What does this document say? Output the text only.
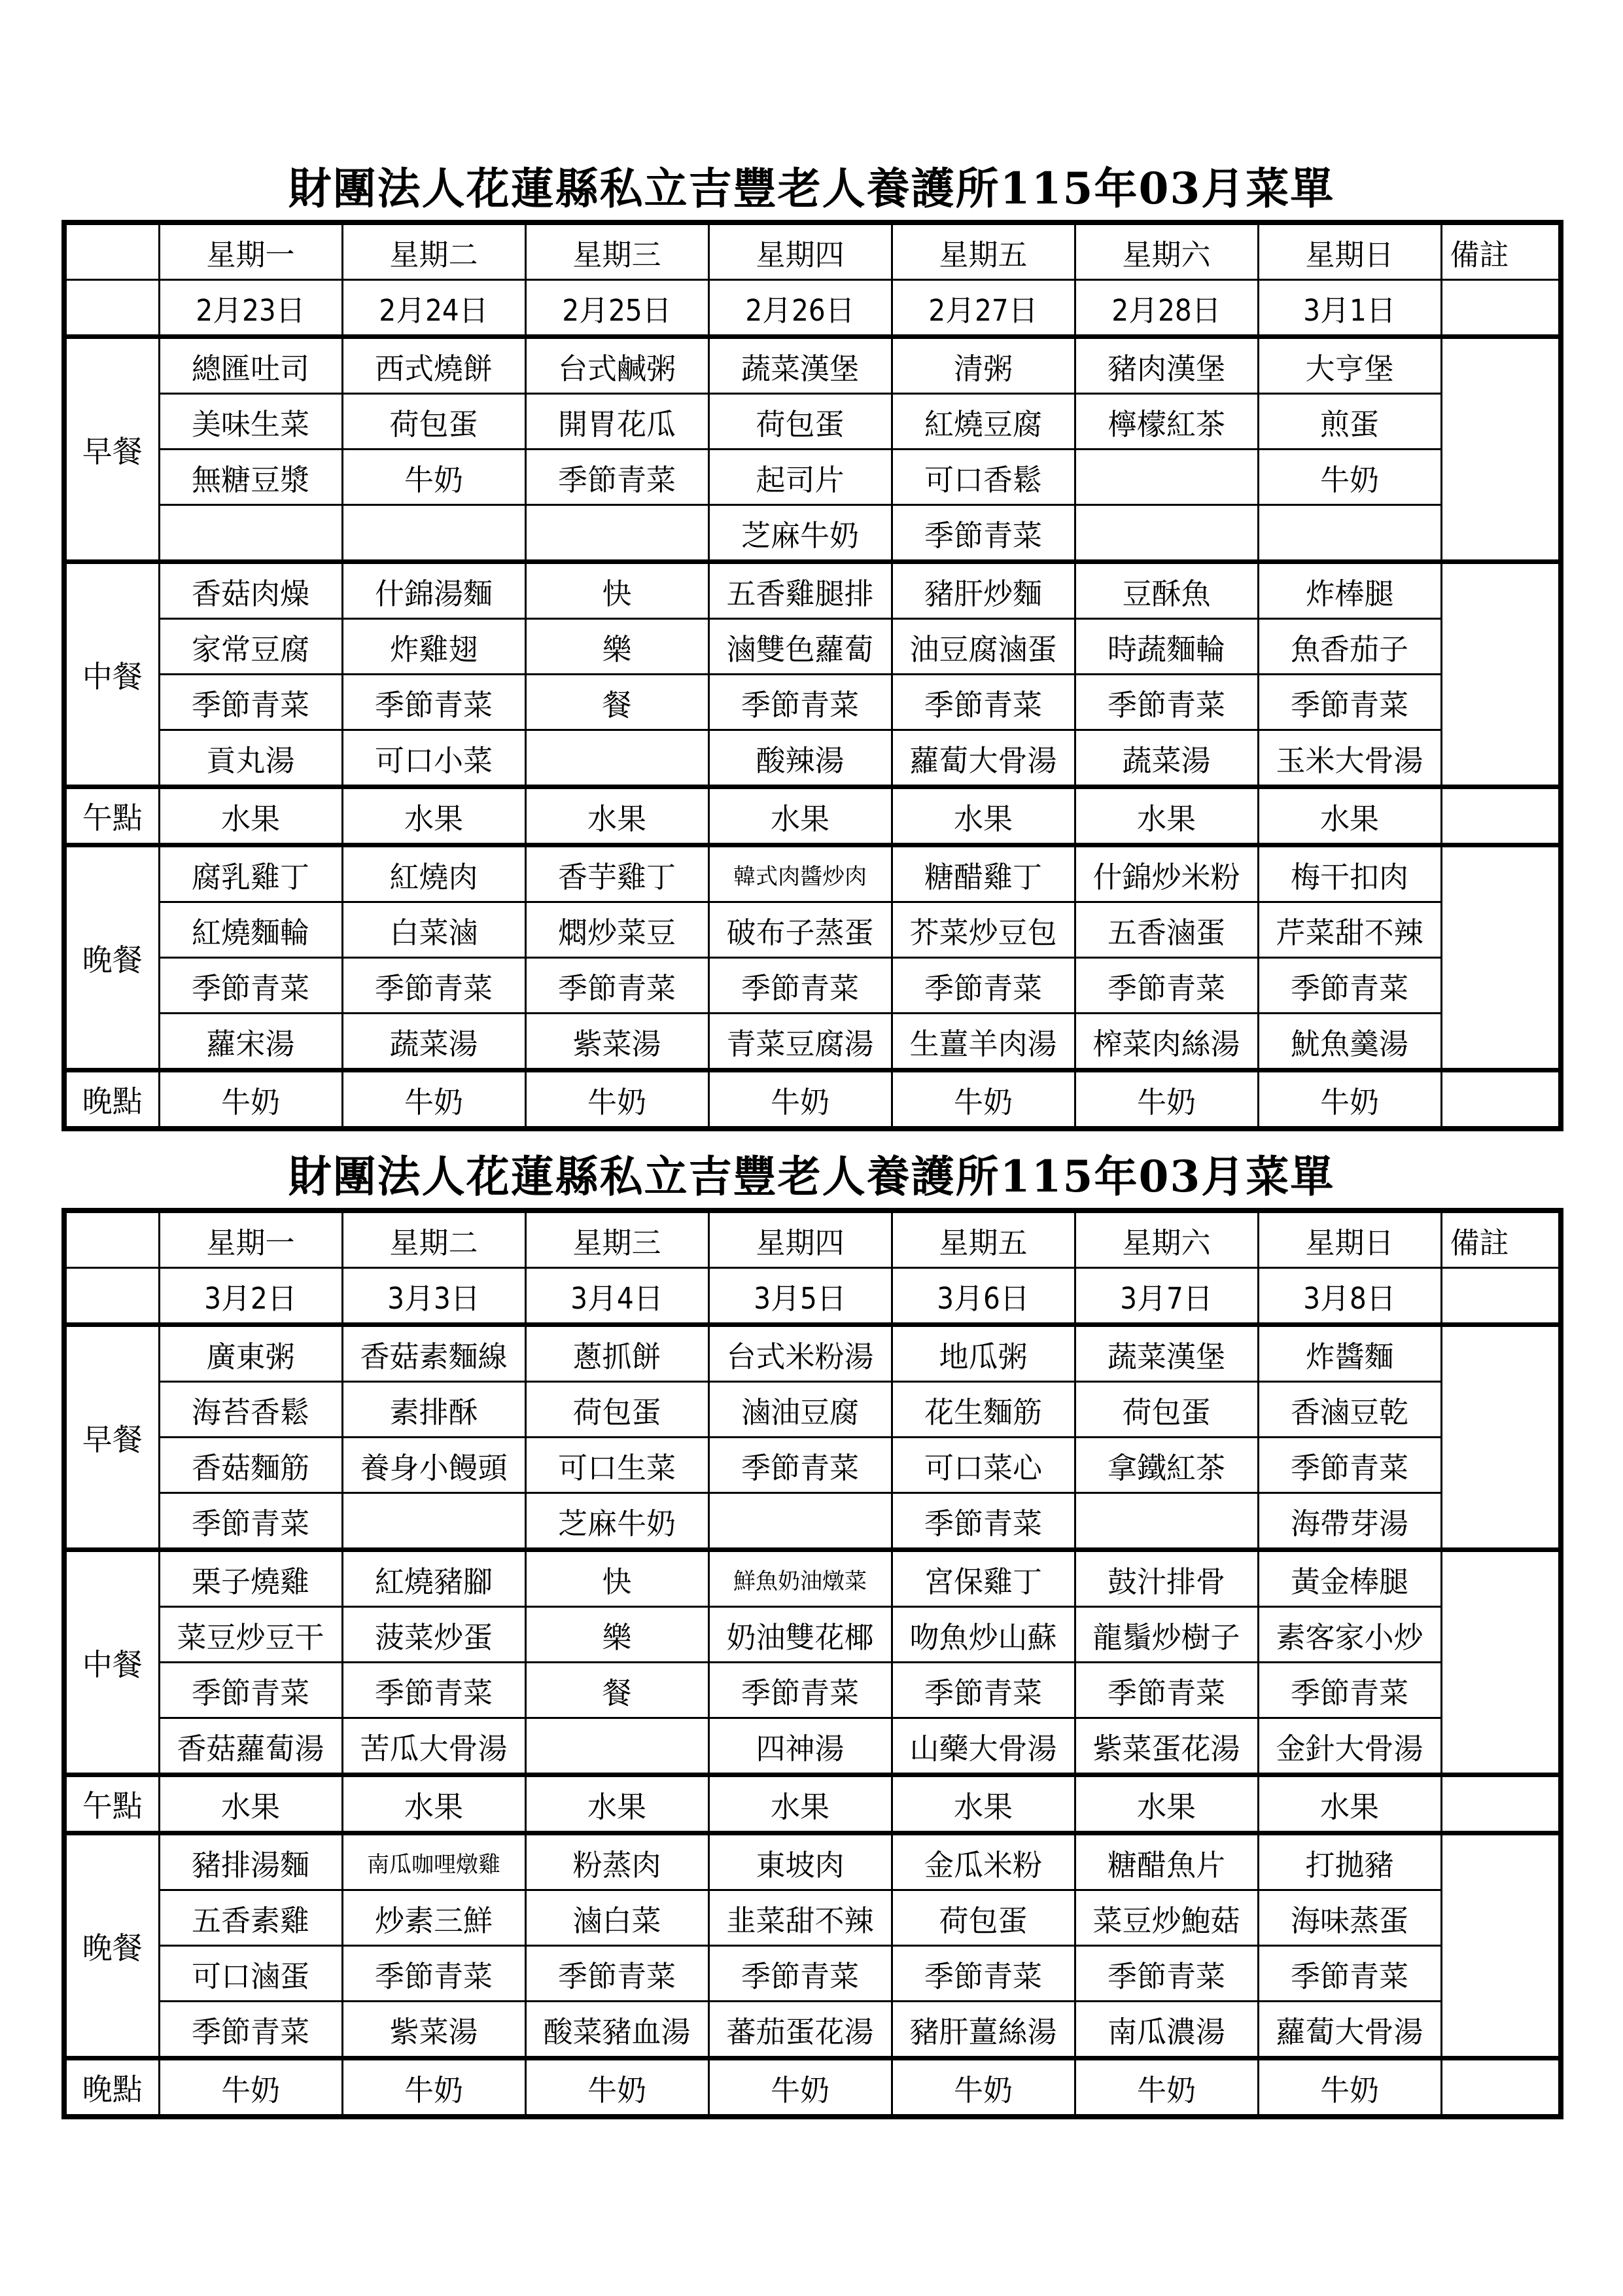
財團法人花蓮縣私立吉豐老人養護所115年03月菜單
	星期一	星期二	星期三	星期四	星期五	星期六	星期日	備註
	2月23日	2月24日	2月25日	2月26日	2月27日	2月28日	3月1日	
早餐	總匯吐司	西式燒餅	台式鹹粥	蔬菜漢堡	清粥	豬肉漢堡	大亨堡	
	美味生菜	荷包蛋	開胃花瓜	荷包蛋	紅燒豆腐	檸檬紅茶	煎蛋	
	無糖豆漿	牛奶	季節青菜	起司片	可口香鬆		牛奶	
				芝麻牛奶	季節青菜			
中餐	香菇肉燥	什錦湯麵	快	五香雞腿排	豬肝炒麵	豆酥魚	炸棒腿	
	家常豆腐	炸雞翅	樂	滷雙色蘿蔔	油豆腐滷蛋	時蔬麵輪	魚香茄子	
	季節青菜	季節青菜	餐	季節青菜	季節青菜	季節青菜	季節青菜	
	貢丸湯	可口小菜		酸辣湯	蘿蔔大骨湯	蔬菜湯	玉米大骨湯	
午點	水果	水果	水果	水果	水果	水果	水果	
晚餐	腐乳雞丁	紅燒肉	香芋雞丁	韓式肉醬炒肉	糖醋雞丁	什錦炒米粉	梅干扣肉	
	紅燒麵輪	白菜滷	燜炒菜豆	破布子蒸蛋	芥菜炒豆包	五香滷蛋	芹菜甜不辣	
	季節青菜	季節青菜	季節青菜	季節青菜	季節青菜	季節青菜	季節青菜	
	蘿宋湯	蔬菜湯	紫菜湯	青菜豆腐湯	生薑羊肉湯	榨菜肉絲湯	魷魚羹湯	
晚點	牛奶	牛奶	牛奶	牛奶	牛奶	牛奶	牛奶	
財團法人花蓮縣私立吉豐老人養護所115年03月菜單
	星期一	星期二	星期三	星期四	星期五	星期六	星期日	備註
	3月2日	3月3日	3月4日	3月5日	3月6日	3月7日	3月8日	
早餐	廣東粥	香菇素麵線	蔥抓餅	台式米粉湯	地瓜粥	蔬菜漢堡	炸醬麵	
	海苔香鬆	素排酥	荷包蛋	滷油豆腐	花生麵筋	荷包蛋	香滷豆乾	
	香菇麵筋	養身小饅頭	可口生菜	季節青菜	可口菜心	拿鐵紅茶	季節青菜	
	季節青菜		芝麻牛奶		季節青菜		海帶芽湯	
中餐	栗子燒雞	紅燒豬腳	快	鮮魚奶油燉菜	宮保雞丁	鼓汁排骨	黃金棒腿	
	菜豆炒豆干	菠菜炒蛋	樂	奶油雙花椰	吻魚炒山蘇	龍鬚炒樹子	素客家小炒	
	季節青菜	季節青菜	餐	季節青菜	季節青菜	季節青菜	季節青菜	
	香菇蘿蔔湯	苦瓜大骨湯		四神湯	山藥大骨湯	紫菜蛋花湯	金針大骨湯	
午點	水果	水果	水果	水果	水果	水果	水果	
晚餐	豬排湯麵	南瓜咖哩燉雞	粉蒸肉	東坡肉	金瓜米粉	糖醋魚片	打拋豬	
	五香素雞	炒素三鮮	滷白菜	韭菜甜不辣	荷包蛋	菜豆炒鮑菇	海味蒸蛋	
	可口滷蛋	季節青菜	季節青菜	季節青菜	季節青菜	季節青菜	季節青菜	
	季節青菜	紫菜湯	酸菜豬血湯	蕃茄蛋花湯	豬肝薑絲湯	南瓜濃湯	蘿蔔大骨湯	
晚點	牛奶	牛奶	牛奶	牛奶	牛奶	牛奶	牛奶	
